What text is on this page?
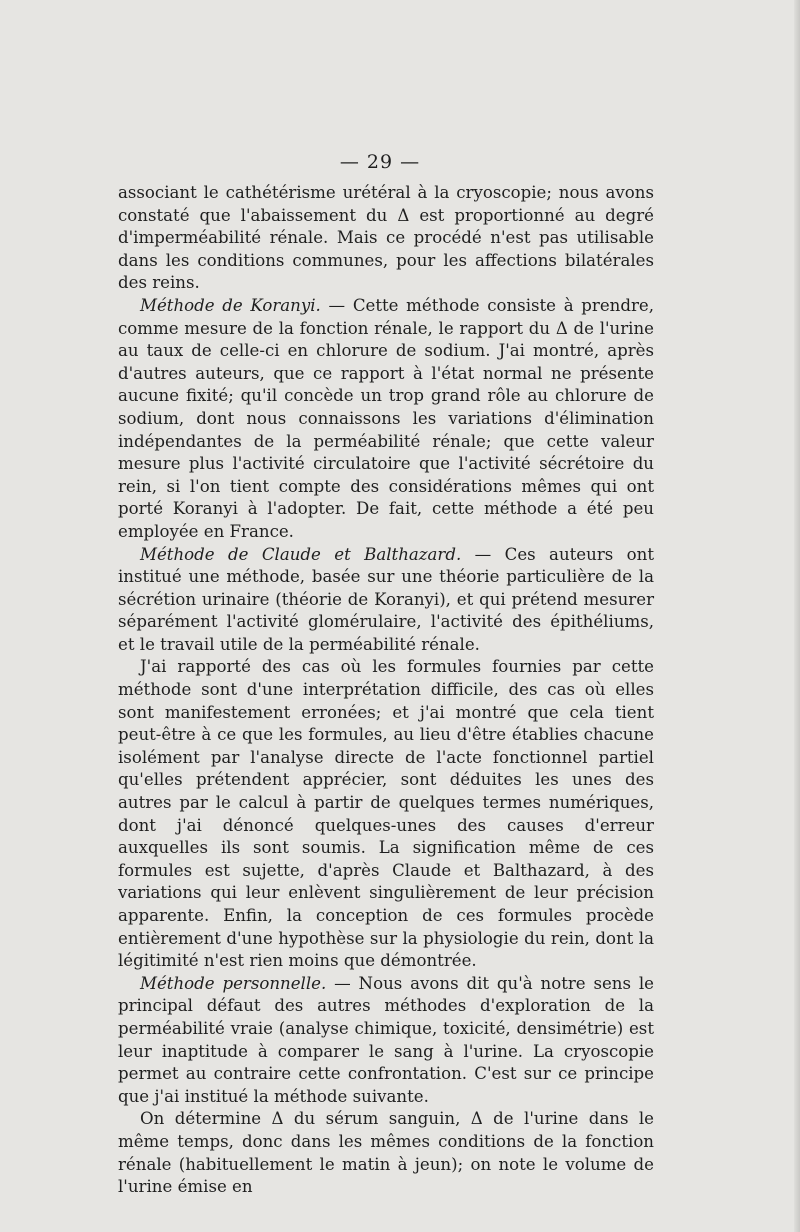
— 29 —

associant le cathétérisme urétéral à la cryoscopie; nous avons constaté que l'abaissement du Δ est proportionné au degré d'imperméabilité rénale. Mais ce procédé n'est pas utilisable dans les conditions communes, pour les affections bilatérales des reins.

Méthode de Koranyi. — Cette méthode consiste à prendre, comme mesure de la fonction rénale, le rapport du Δ de l'urine au taux de celle-ci en chlorure de sodium. J'ai montré, après d'autres auteurs, que ce rapport à l'état normal ne présente aucune fixité; qu'il concède un trop grand rôle au chlorure de sodium, dont nous connaissons les variations d'élimination indépendantes de la perméabilité rénale; que cette valeur mesure plus l'activité circulatoire que l'activité sécrétoire du rein, si l'on tient compte des considérations mêmes qui ont porté Koranyi à l'adopter. De fait, cette méthode a été peu employée en France.

Méthode de Claude et Balthazard. — Ces auteurs ont institué une méthode, basée sur une théorie particulière de la sécrétion urinaire (théorie de Koranyi), et qui prétend mesurer séparément l'activité glomérulaire, l'activité des épithéliums, et le travail utile de la perméabilité rénale.

J'ai rapporté des cas où les formules fournies par cette méthode sont d'une interprétation difficile, des cas où elles sont manifestement erronées; et j'ai montré que cela tient peut-être à ce que les formules, au lieu d'être établies chacune isolément par l'analyse directe de l'acte fonctionnel partiel qu'elles prétendent apprécier, sont déduites les unes des autres par le calcul à partir de quelques termes numériques, dont j'ai dénoncé quelques-unes des causes d'erreur auxquelles ils sont soumis. La signification même de ces formules est sujette, d'après Claude et Balthazard, à des variations qui leur enlèvent singulièrement de leur précision apparente. Enfin, la conception de ces formules procède entièrement d'une hypothèse sur la physiologie du rein, dont la légitimité n'est rien moins que démontrée.

Méthode personnelle. — Nous avons dit qu'à notre sens le principal défaut des autres méthodes d'exploration de la perméabilité vraie (analyse chimique, toxicité, densimétrie) est leur inaptitude à comparer le sang à l'urine. La cryoscopie permet au contraire cette confrontation. C'est sur ce principe que j'ai institué la méthode suivante.

On détermine Δ du sérum sanguin, Δ de l'urine dans le même temps, donc dans les mêmes conditions de la fonction rénale (habituellement le matin à jeun); on note le volume de l'urine émise en
